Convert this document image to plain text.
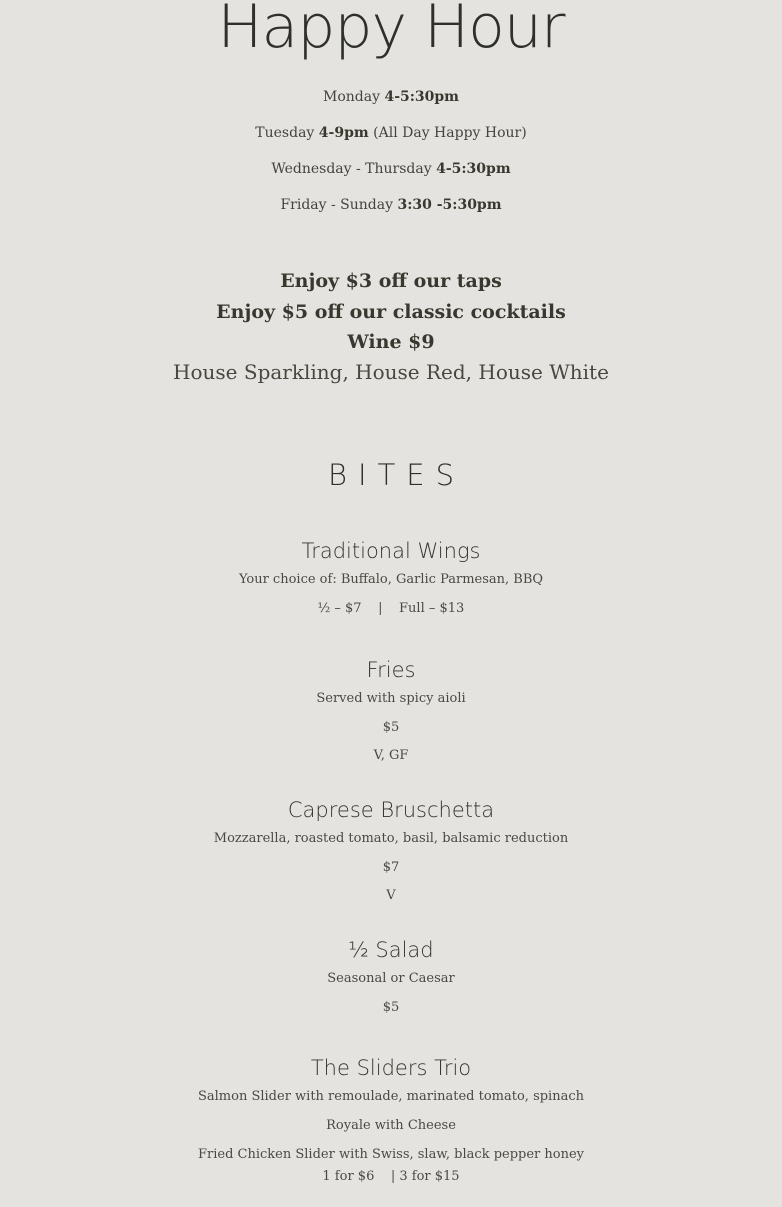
Happy Hour
Monday 4-5:30pm
Tuesday 4-9pm (All Day Happy Hour)
Wednesday - Thursday 4-5:30pm
Friday - Sunday 3:30 -5:30pm
Enjoy $3 off our taps
Enjoy $5 off our classic cocktails
Wine $9
House Sparkling, House Red, House White
BITES
Traditional Wings
Your choice of: Buffalo, Garlic Parmesan, BBQ
½ – $7    |    Full – $13
Fries
Served with spicy aioli
$5
V, GF
Caprese Bruschetta
Mozzarella, roasted tomato, basil, balsamic reduction
$7
V
½ Salad
Seasonal or Caesar
$5
The Sliders Trio
Salmon Slider with remoulade, marinated tomato, spinach
Royale with Cheese
Fried Chicken Slider with Swiss, slaw, black pepper honey
1 for $6    | 3 for $15
